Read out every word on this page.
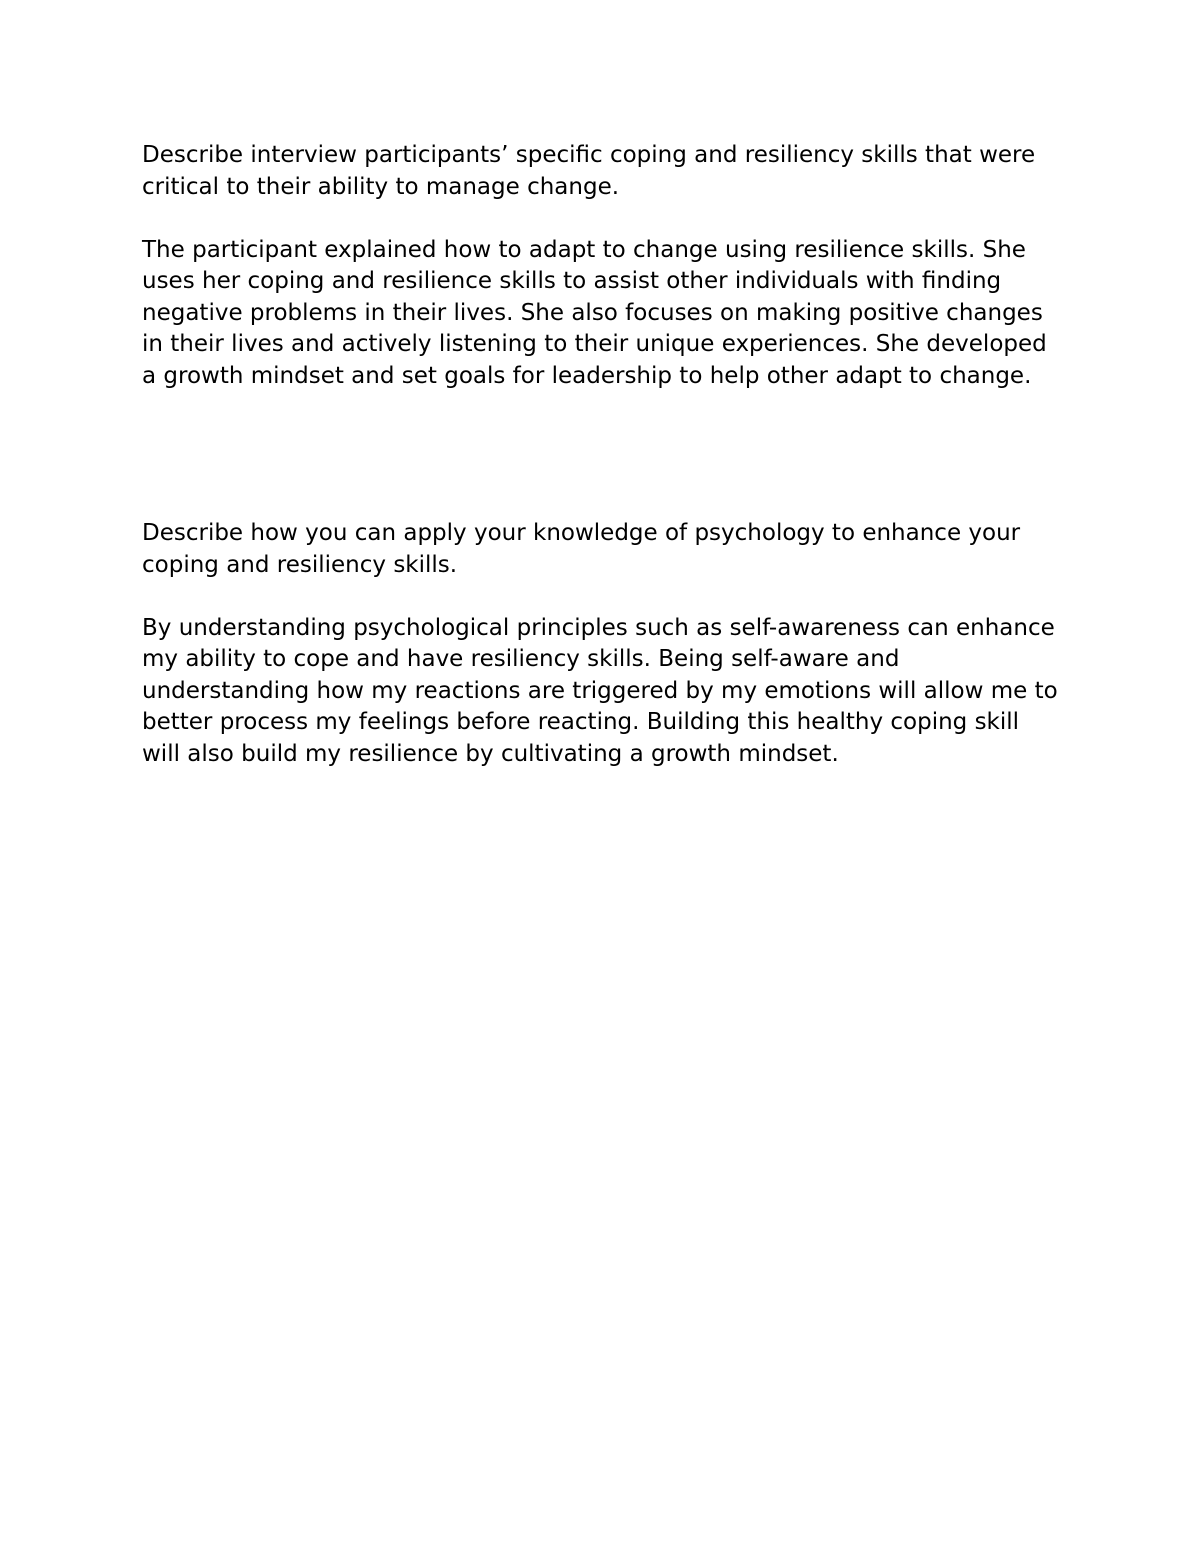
Describe interview participants’ specific coping and resiliency skills that were critical to their ability to manage change.

The participant explained how to adapt to change using resilience skills. She uses her coping and resilience skills to assist other individuals with finding negative problems in their lives. She also focuses on making positive changes in their lives and actively listening to their unique experiences. She developed a growth mindset and set goals for leadership to help other adapt to change.

Describe how you can apply your knowledge of psychology to enhance your coping and resiliency skills.

By understanding psychological principles such as self-awareness can enhance my ability to cope and have resiliency skills. Being self-aware and understanding how my reactions are triggered by my emotions will allow me to better process my feelings before reacting. Building this healthy coping skill will also build my resilience by cultivating a growth mindset.
